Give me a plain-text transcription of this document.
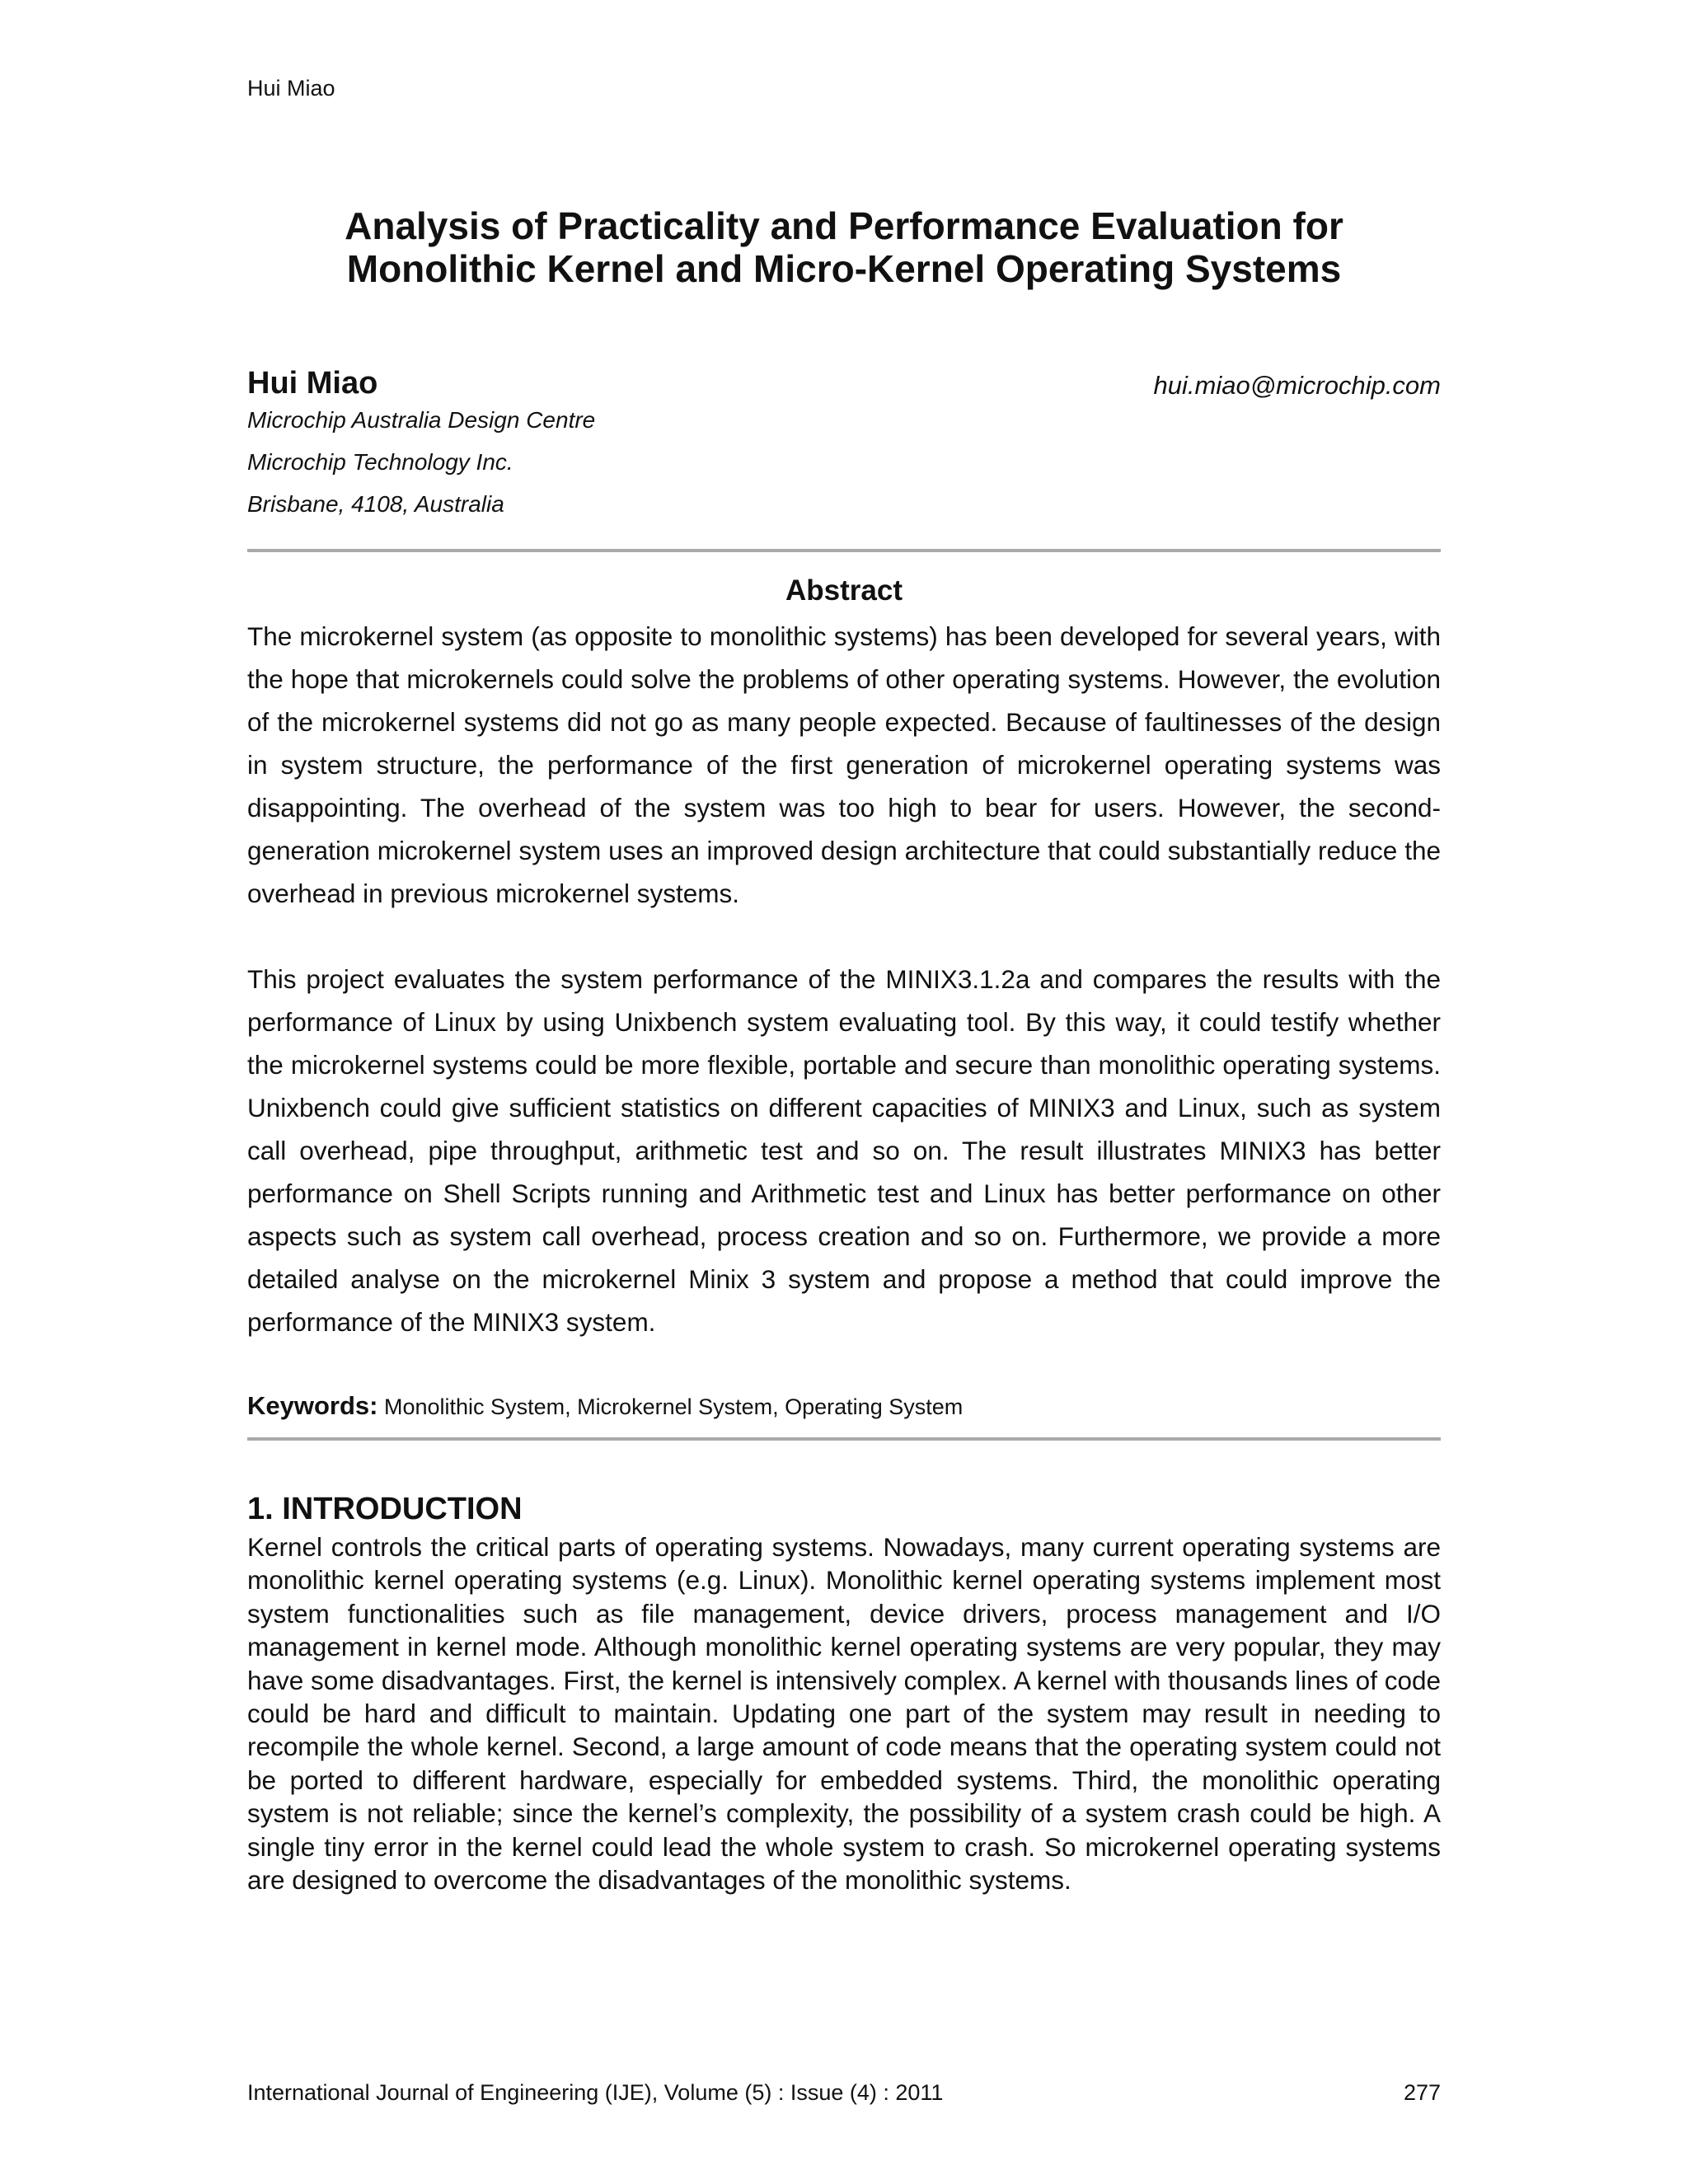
Hui Miao
Analysis of Practicality and Performance Evaluation for
Monolithic Kernel and Micro-Kernel Operating Systems
Hui Miao	hui.miao@microchip.com
Microchip Australia Design Centre
Microchip Technology Inc.
Brisbane, 4108, Australia
Abstract

The microkernel system (as opposite to monolithic systems) has been developed for several years, with the hope that microkernels could solve the problems of other operating systems. However, the evolution of the microkernel systems did not go as many people expected. Because of faultinesses of the design in system structure, the performance of the first generation of microkernel operating systems was disappointing. The overhead of the system was too high to bear for users. However, the second-generation microkernel system uses an improved design architecture that could substantially reduce the overhead in previous microkernel systems.

This project evaluates the system performance of the MINIX3.1.2a and compares the results with the performance of Linux by using Unixbench system evaluating tool. By this way, it could testify whether the microkernel systems could be more flexible, portable and secure than monolithic operating systems. Unixbench could give sufficient statistics on different capacities of MINIX3 and Linux, such as system call overhead, pipe throughput, arithmetic test and so on. The result illustrates MINIX3 has better performance on Shell Scripts running and Arithmetic test and Linux has better performance on other aspects such as system call overhead, process creation and so on. Furthermore, we provide a more detailed analyse on the microkernel Minix 3 system and propose a method that could improve the performance of the MINIX3 system.

Keywords: Monolithic System, Microkernel System, Operating System
1. INTRODUCTION

Kernel controls the critical parts of operating systems. Nowadays, many current operating systems are monolithic kernel operating systems (e.g. Linux). Monolithic kernel operating systems implement most system functionalities such as file management, device drivers, process management and I/O management in kernel mode. Although monolithic kernel operating systems are very popular, they may have some disadvantages. First, the kernel is intensively complex. A kernel with thousands lines of code could be hard and difficult to maintain. Updating one part of the system may result in needing to recompile the whole kernel. Second, a large amount of code means that the operating system could not be ported to different hardware, especially for embedded systems. Third, the monolithic operating system is not reliable; since the kernel’s complexity, the possibility of a system crash could be high. A single tiny error in the kernel could lead the whole system to crash. So microkernel operating systems are designed to overcome the disadvantages of the monolithic systems.

International Journal of Engineering (IJE), Volume (5) : Issue (4) : 2011	277
